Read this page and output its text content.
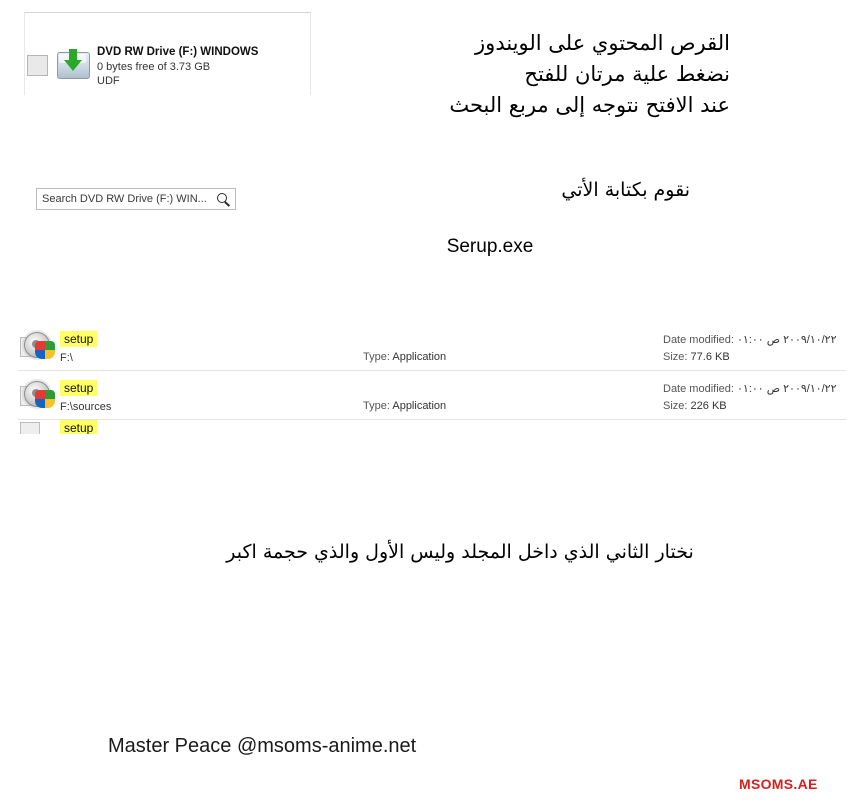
DVD RW Drive (F:) WINDOWS
0 bytes free of 3.73 GB
UDF
Search DVD RW Drive (F:) WIN...
القرص المحتوي على الويندوز
نضغط علية مرتان للفتح
عند الافتح نتوجه إلى مربع البحث
نقوم بكتابة الأتي
Serup.exe
نختار الثاني الذي داخل المجلد وليس الأول والذي حجمة اكبر
setup
F:\	Type: Application
Date modified: ٢٠٠٩/١٠/٢٢ ص ٠١:٠٠
Size: 77.6 KB
setup
F:\sources	Type: Application
Date modified: ٢٠٠٩/١٠/٢٢ ص ٠١:٠٠
Size: 226 KB
setup
Master Peace @msoms-anime.net
MSOMS.AE
